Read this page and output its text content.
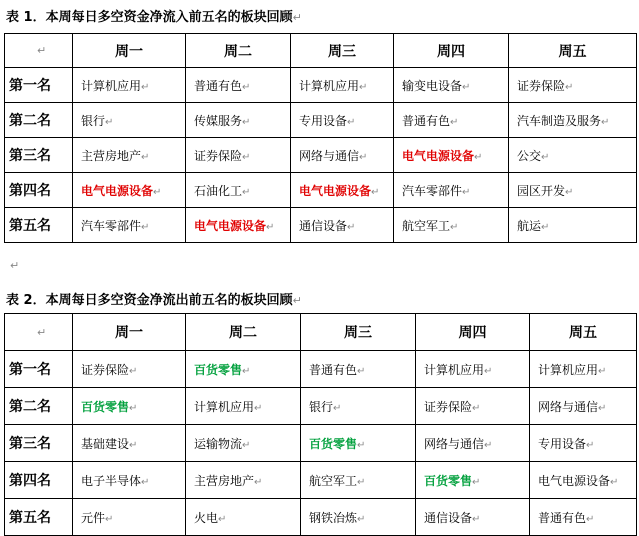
表 1．本周每日多空资金净流入前五名的板块回顾↵
↵	周一	周二	周三	周四	周五
第一名	计算机应用↵	普通有色↵	计算机应用↵	输变电设备↵	证券保险↵
第二名	银行↵	传媒服务↵	专用设备↵	普通有色↵	汽车制造及服务↵
第三名	主营房地产↵	证券保险↵	网络与通信↵	电气电源设备↵	公交↵
第四名	电气电源设备↵	石油化工↵	电气电源设备↵	汽车零部件↵	园区开发↵
第五名	汽车零部件↵	电气电源设备↵	通信设备↵	航空军工↵	航运↵
↵
表 2．本周每日多空资金净流出前五名的板块回顾↵
↵	周一	周二	周三	周四	周五
第一名	证券保险↵	百货零售↵	普通有色↵	计算机应用↵	计算机应用↵
第二名	百货零售↵	计算机应用↵	银行↵	证券保险↵	网络与通信↵
第三名	基础建设↵	运输物流↵	百货零售↵	网络与通信↵	专用设备↵
第四名	电子半导体↵	主营房地产↵	航空军工↵	百货零售↵	电气电源设备↵
第五名	元件↵	火电↵	钢铁冶炼↵	通信设备↵	普通有色↵
